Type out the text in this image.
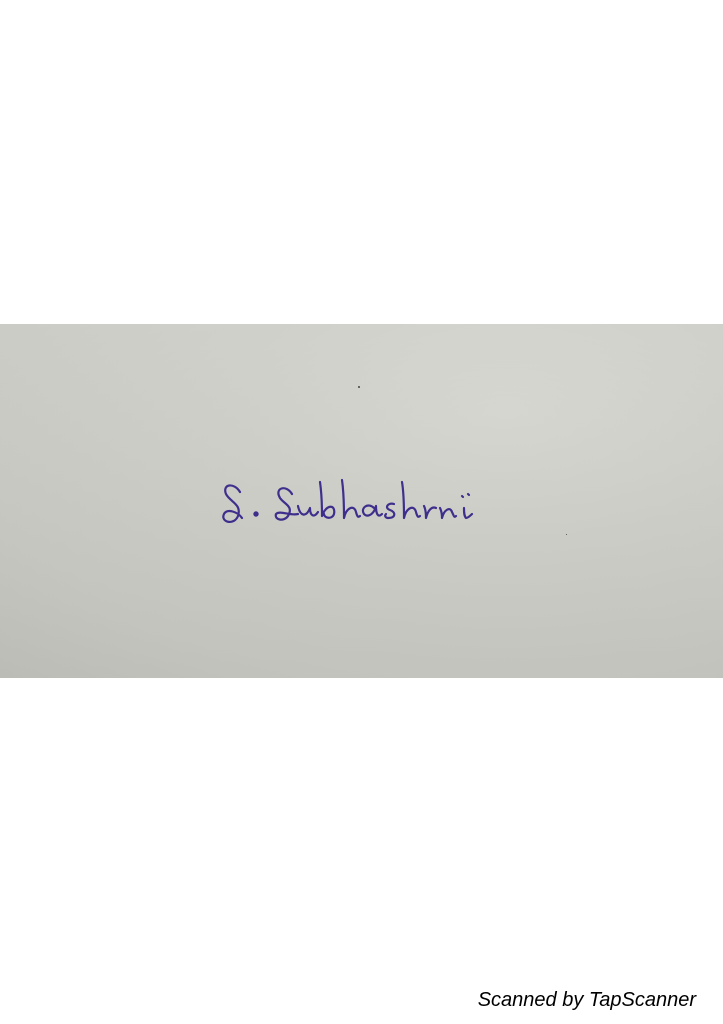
Scanned by TapScanner
